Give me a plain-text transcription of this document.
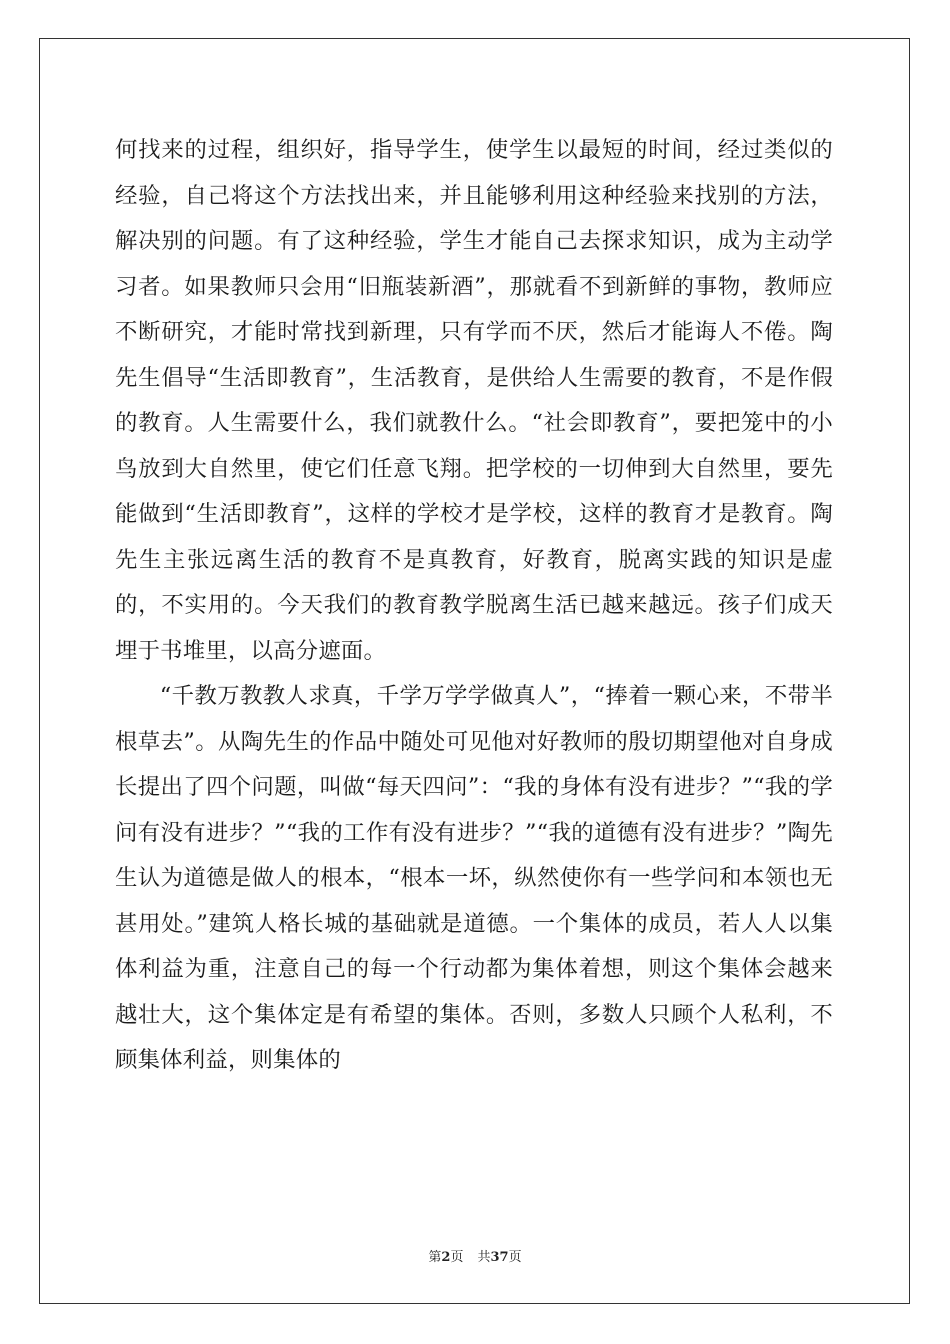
何找来的过程，组织好，指导学生，使学生以最短的时间，经过类似的经验，自己将这个方法找出来，并且能够利用这种经验来找别的方法，解决别的问题。有了这种经验，学生才能自己去探求知识，成为主动学习者。如果教师只会用“旧瓶装新酒”，那就看不到新鲜的事物，教师应不断研究，才能时常找到新理，只有学而不厌，然后才能诲人不倦。陶先生倡导“生活即教育”，生活教育，是供给人生需要的教育，不是作假的教育。人生需要什么，我们就教什么。“社会即教育”，要把笼中的小鸟放到大自然里，使它们任意飞翔。把学校的一切伸到大自然里，要先能做到“生活即教育”，这样的学校才是学校，这样的教育才是教育。陶先生主张远离生活的教育不是真教育，好教育，脱离实践的知识是虚的，不实用的。今天我们的教育教学脱离生活已越来越远。孩子们成天埋于书堆里，以高分遮面。

“千教万教教人求真，千学万学学做真人”，“捧着一颗心来，不带半根草去”。从陶先生的作品中随处可见他对好教师的殷切期望他对自身成长提出了四个问题，叫做“每天四问”：“我的身体有没有进步？”“我的学问有没有进步？”“我的工作有没有进步？”“我的道德有没有进步？”陶先生认为道德是做人的根本，“根本一坏，纵然使你有一些学问和本领也无甚用处。”建筑人格长城的基础就是道德。一个集体的成员，若人人以集体利益为重，注意自己的每一个行动都为集体着想，则这个集体会越来越壮大，这个集体定是有希望的集体。否则，多数人只顾个人私利，不顾集体利益，则集体的

第2页 共37页
